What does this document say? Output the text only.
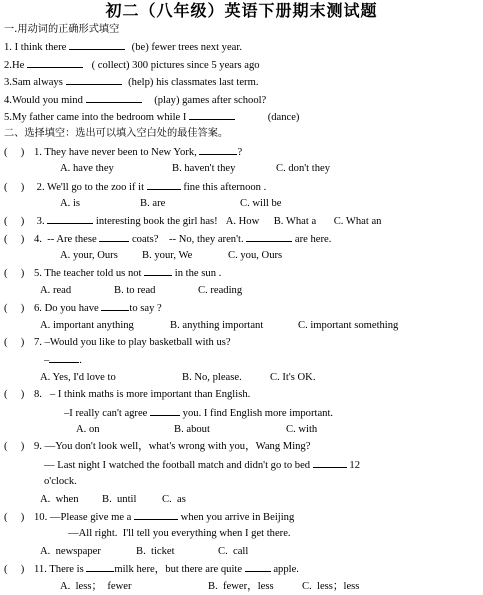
初二（八年级）英语下册期末测试题
一.用动词的正确形式填空
1. I think there	(be) fewer trees next year.
2.He	( collect) 300 pictures since 5 years ago
3.Sam always	(help) his classmates last term.
4.Would you mind	(play) games after school?
5.My father came into the bedroom while I	(dance)
二、选择填空：选出可以填入空白处的最佳答案。
( ) 1. They have never been to New York,	?
A. have they	B. haven't they	C. don't they
( ) 2. We'll go to the zoo if it	fine this afternoon .
A. is	B. are	C. will be
( ) 3.	interesting book the girl has! A. How B. What a C. What an
( ) 4.  -- Are these	coats?    -- No, they aren't.	are here.
A. your, Ours B. your, We	C. you, Ours
( ) 5. The teacher told us not	in the sun .
A. read	B. to read	C. reading
( ) 6. Do you have	to say ?
A. important anything	B. anything important	C. important something
( ) 7. –Would you like to play basketball with us?
–	.
A. Yes, I'd love to	B. No, please.	C. It's OK.
( ) 8.   – I think maths is more important than English.
–I really can't agree	you. I find English more important.
A. on	B. about	C. with
( ) 9. —You don't look well，what's wrong with you，Wang Ming?
— Last night I watched the football match and didn't go to bed	12
o'clock.
A.  when B.  until C.  as
( ) 10. —Please give me a	when you arrive in Beijing
—All right.  I'll tell you everything when I get there.
A.  newspaper	B.  ticket	C.  call
( ) 11. There is	milk here，but there are quite  apple.
A.  less；  fewer	B.  fewer，less	C.  less；less
